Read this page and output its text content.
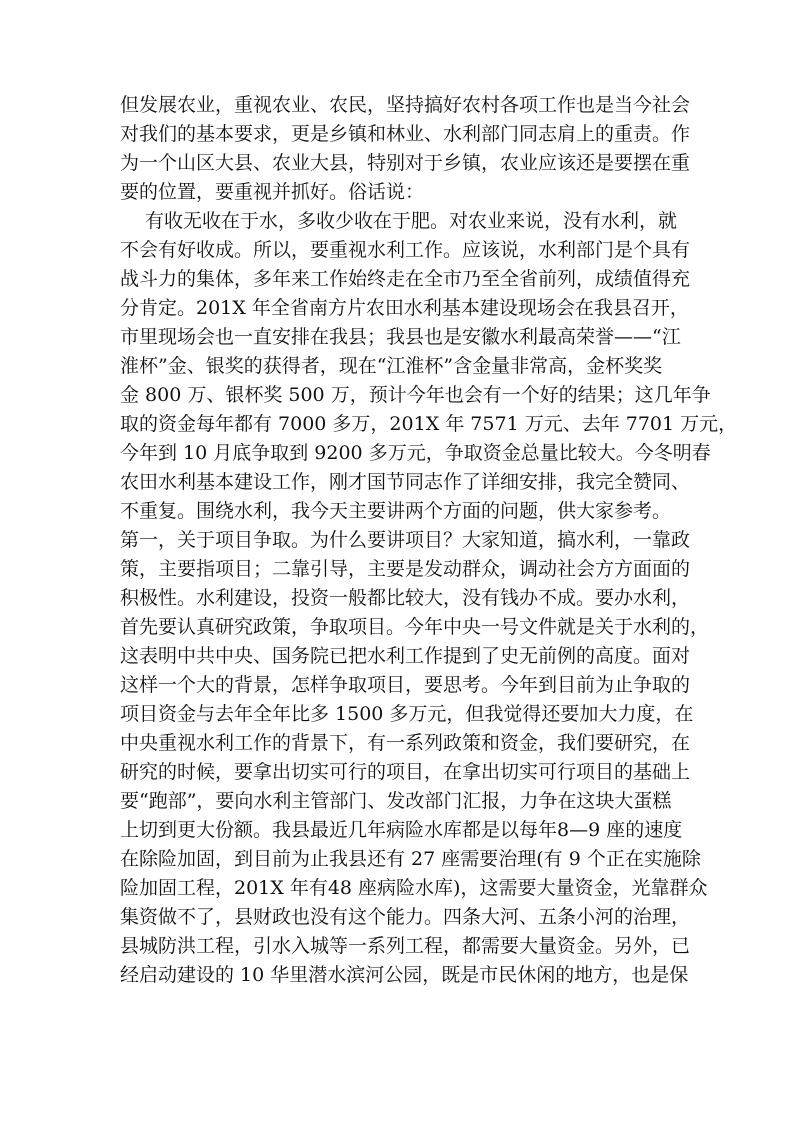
但发展农业，重视农业、农民，坚持搞好农村各项工作也是当今社会
对我们的基本要求，更是乡镇和林业、水利部门同志肩上的重责。作
为一个山区大县、农业大县，特别对于乡镇，农业应该还是要摆在重
要的位置，要重视并抓好。俗话说：
　 有收无收在于水，多收少收在于肥。对农业来说，没有水利，就
不会有好收成。所以，要重视水利工作。应该说，水利部门是个具有
战斗力的集体，多年来工作始终走在全市乃至全省前列，成绩值得充
分肯定。201X 年全省南方片农田水利基本建设现场会在我县召开，
市里现场会也一直安排在我县；我县也是安徽水利最高荣誉——“江
淮杯”金、银奖的获得者，现在“江淮杯”含金量非常高，金杯奖奖
金 800 万、银杯奖 500 万，预计今年也会有一个好的结果；这几年争
取的资金每年都有 7000 多万，201X 年 7571 万元、去年 7701 万元，
今年到 10 月底争取到 9200 多万元，争取资金总量比较大。今冬明春
农田水利基本建设工作，刚才国节同志作了详细安排，我完全赞同、
不重复。围绕水利，我今天主要讲两个方面的问题，供大家参考。
第一，关于项目争取。为什么要讲项目？大家知道，搞水利，一靠政
策，主要指项目；二靠引导，主要是发动群众，调动社会方方面面的
积极性。水利建设，投资一般都比较大，没有钱办不成。要办水利，
首先要认真研究政策，争取项目。今年中央一号文件就是关于水利的，
这表明中共中央、国务院已把水利工作提到了史无前例的高度。面对
这样一个大的背景，怎样争取项目，要思考。今年到目前为止争取的
项目资金与去年全年比多 1500 多万元，但我觉得还要加大力度，在
中央重视水利工作的背景下，有一系列政策和资金，我们要研究，在
研究的时候，要拿出切实可行的项目，在拿出切实可行项目的基础上
要“跑部”，要向水利主管部门、发改部门汇报，力争在这块大蛋糕
上切到更大份额。我县最近几年病险水库都是以每年8—9 座的速度
在除险加固，到目前为止我县还有 27 座需要治理(有 9 个正在实施除
险加固工程，201X 年有48 座病险水库)，这需要大量资金，光靠群众
集资做不了，县财政也没有这个能力。四条大河、五条小河的治理，
县城防洪工程，引水入城等一系列工程，都需要大量资金。另外，已
经启动建设的 10 华里潜水滨河公园，既是市民休闲的地方，也是保
